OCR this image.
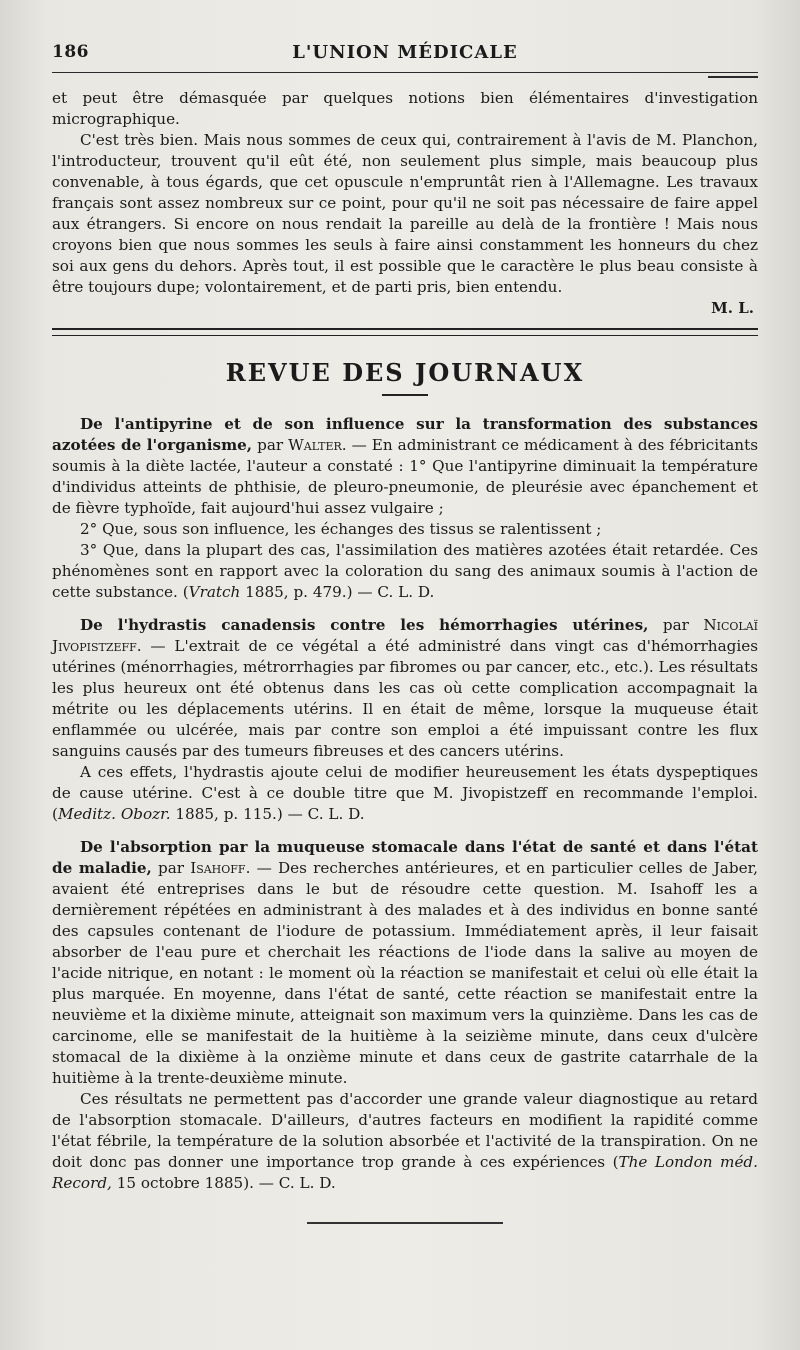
186	L'UNION MÉDICALE

et peut être démasquée par quelques notions bien élémentaires d'investigation micrographique.

C'est très bien. Mais nous sommes de ceux qui, contrairement à l'avis de M. Planchon, l'introducteur, trouvent qu'il eût été, non seulement plus simple, mais beaucoup plus convenable, à tous égards, que cet opuscule n'empruntât rien à l'Allemagne. Les travaux français sont assez nombreux sur ce point, pour qu'il ne soit pas nécessaire de faire appel aux étrangers. Si encore on nous rendait la pareille au delà de la frontière ! Mais nous croyons bien que nous sommes les seuls à faire ainsi constamment les honneurs du chez soi aux gens du dehors. Après tout, il est possible que le caractère le plus beau consiste à être toujours dupe; volontairement, et de parti pris, bien entendu.

M. L.

REVUE DES JOURNAUX

De l'antipyrine et de son influence sur la transformation des substances azotées de l'organisme, par Walter. — En administrant ce médicament à des fébricitants soumis à la diète lactée, l'auteur a constaté : 1° Que l'antipyrine diminuait la température d'individus atteints de phthisie, de pleuro-pneumonie, de pleurésie avec épanchement et de fièvre typhoïde, fait aujourd'hui assez vulgaire ;

2° Que, sous son influence, les échanges des tissus se ralentissent ;

3° Que, dans la plupart des cas, l'assimilation des matières azotées était retardée. Ces phénomènes sont en rapport avec la coloration du sang des animaux soumis à l'action de cette substance. (Vratch 1885, p. 479.) — C. L. D.

De l'hydrastis canadensis contre les hémorrhagies utérines, par Nicolaï Jivopistzeff. — L'extrait de ce végétal a été administré dans vingt cas d'hémorrhagies utérines (ménorrhagies, métrorrhagies par fibromes ou par cancer, etc., etc.). Les résultats les plus heureux ont été obtenus dans les cas où cette complication accompagnait la métrite ou les déplacements utérins. Il en était de même, lorsque la muqueuse était enflammée ou ulcérée, mais par contre son emploi a été impuissant contre les flux sanguins causés par des tumeurs fibreuses et des cancers utérins.

A ces effets, l'hydrastis ajoute celui de modifier heureusement les états dyspeptiques de cause utérine. C'est à ce double titre que M. Jivopistzeff en recommande l'emploi. (Meditz. Obozr. 1885, p. 115.) — C. L. D.

De l'absorption par la muqueuse stomacale dans l'état de santé et dans l'état de maladie, par Isahoff. — Des recherches antérieures, et en particulier celles de Jaber, avaient été entreprises dans le but de résoudre cette question. M. Isahoff les a dernièrement répétées en administrant à des malades et à des individus en bonne santé des capsules contenant de l'iodure de potassium. Immédiatement après, il leur faisait absorber de l'eau pure et cherchait les réactions de l'iode dans la salive au moyen de l'acide nitrique, en notant : le moment où la réaction se manifestait et celui où elle était la plus marquée. En moyenne, dans l'état de santé, cette réaction se manifestait entre la neuvième et la dixième minute, atteignait son maximum vers la quinzième. Dans les cas de carcinome, elle se manifestait de la huitième à la seizième minute, dans ceux d'ulcère stomacal de la dixième à la onzième minute et dans ceux de gastrite catarrhale de la huitième à la trente-deuxième minute.

Ces résultats ne permettent pas d'accorder une grande valeur diagnostique au retard de l'absorption stomacale. D'ailleurs, d'autres facteurs en modifient la rapidité comme l'état fébrile, la température de la solution absorbée et l'activité de la transpiration. On ne doit donc pas donner une importance trop grande à ces expériences (The London méd. Record, 15 octobre 1885). — C. L. D.
